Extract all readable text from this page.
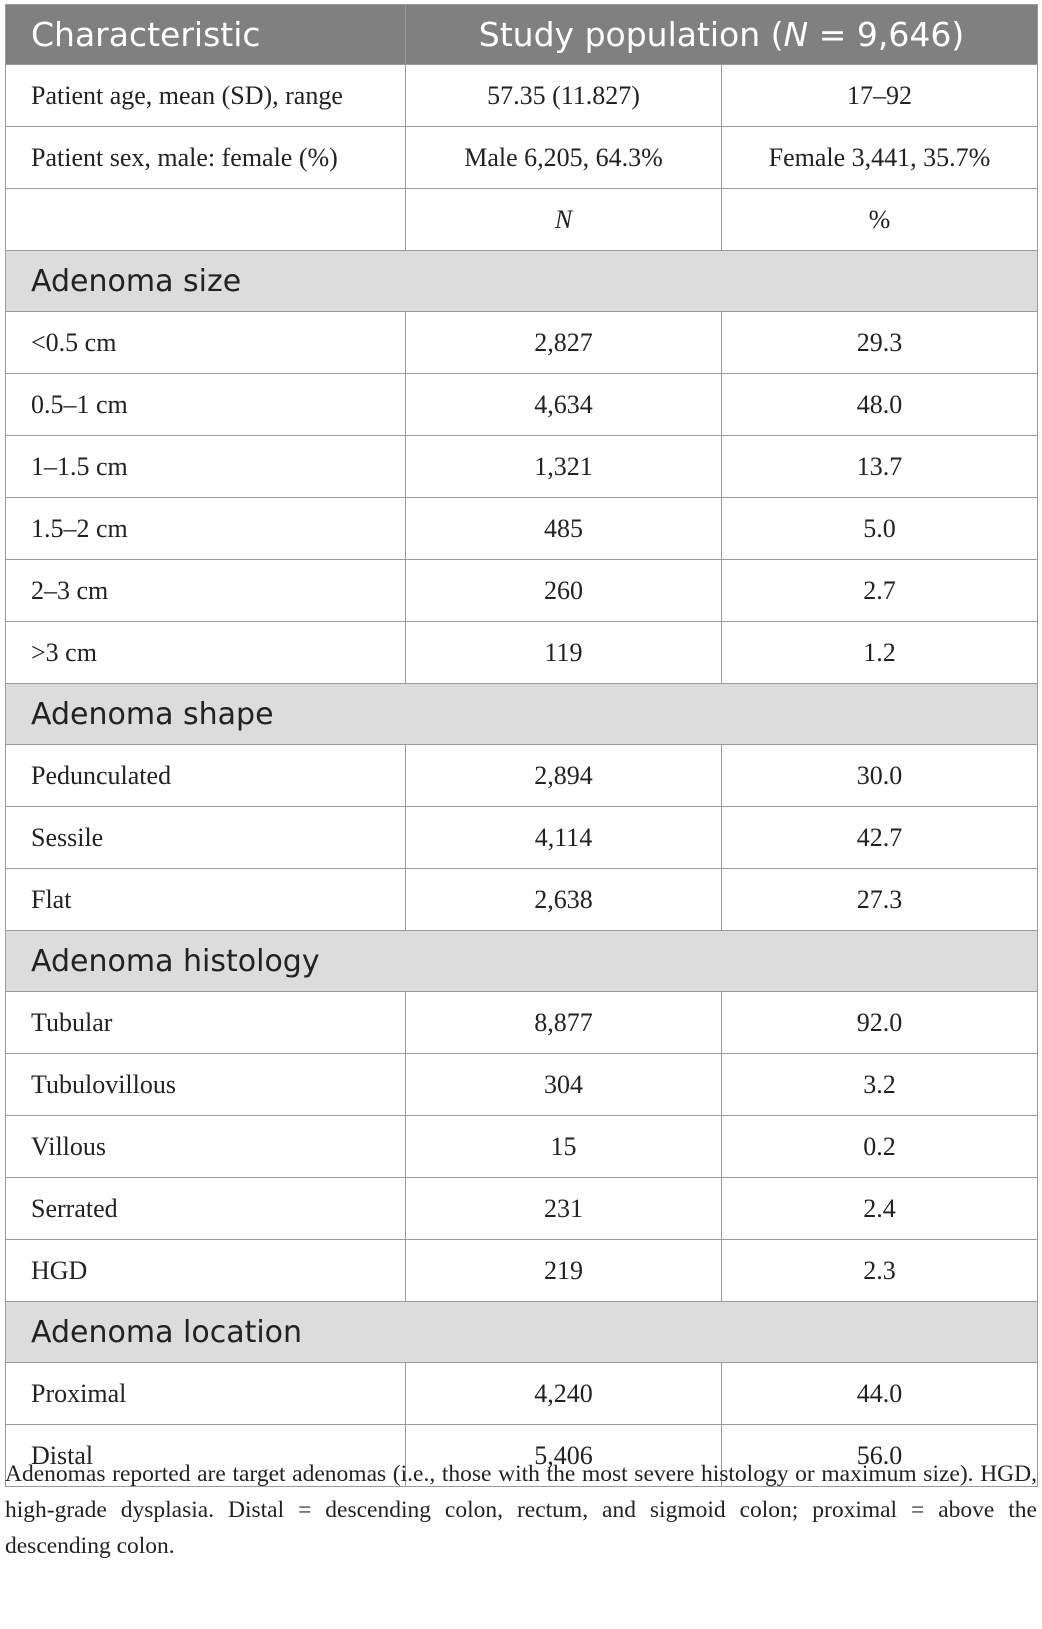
Characteristic	Study population (N = 9,646)	
Patient age, mean (SD), range	57.35 (11.827)	17–92
Patient sex, male: female (%)	Male 6,205, 64.3%	Female 3,441, 35.7%
	N	%
Adenoma size		
<0.5 cm	2,827	29.3
0.5–1 cm	4,634	48.0
1–1.5 cm	1,321	13.7
1.5–2 cm	485	5.0
2–3 cm	260	2.7
>3 cm	119	1.2
Adenoma shape		
Pedunculated	2,894	30.0
Sessile	4,114	42.7
Flat	2,638	27.3
Adenoma histology		
Tubular	8,877	92.0
Tubulovillous	304	3.2
Villous	15	0.2
Serrated	231	2.4
HGD	219	2.3
Adenoma location		
Proximal	4,240	44.0
Distal	5,406	56.0
Adenomas reported are target adenomas (i.e., those with the most severe histology or maximum size). HGD, high-grade dysplasia. Distal = descending colon, rectum, and sigmoid colon; proximal = above the descending colon.
